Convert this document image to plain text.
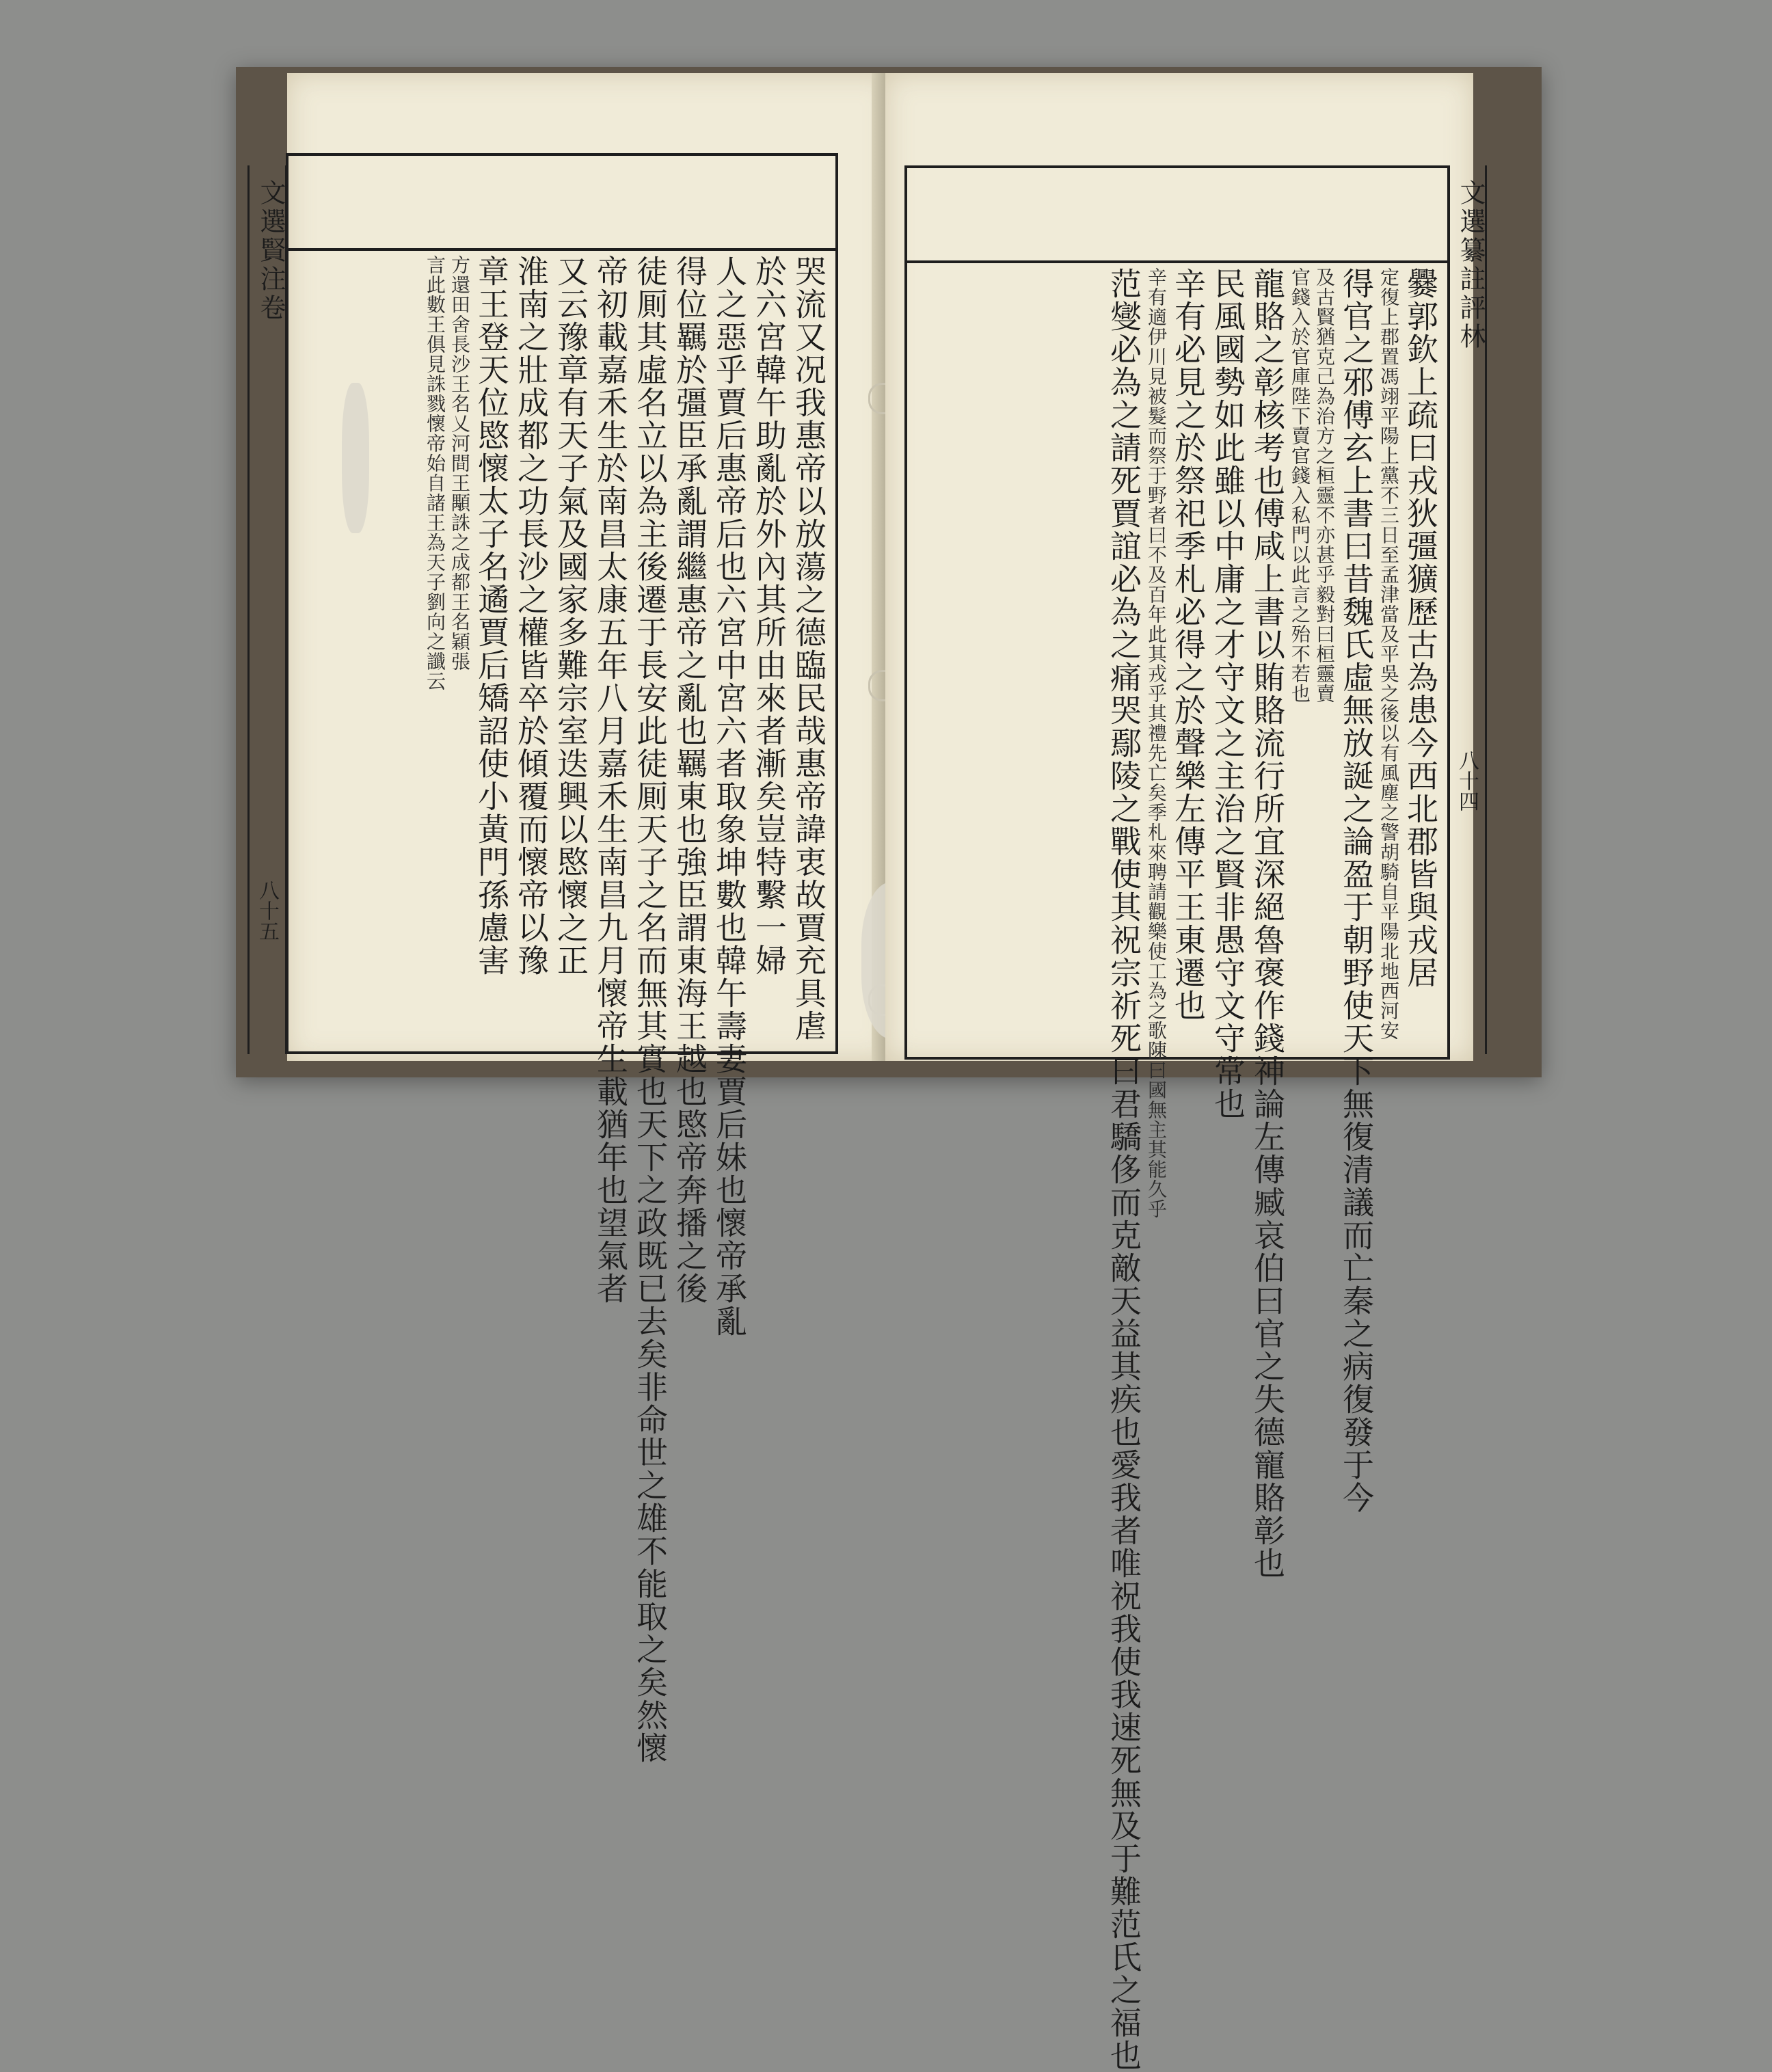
文選賢注卷
八十五	哭流又况我惠帝以放蕩之德臨民哉惠帝諱衷故賈充具虐
於六宮韓午助亂於外內其所由來者漸矣豈特繫一婦
人之惡乎賈后惠帝后也六宮中宮六者取象坤數也韓午壽妻賈后妹也懷帝承亂
得位羈於彊臣承亂謂繼惠帝之亂也羈東也強臣謂東海王越也愍帝奔播之後
徒厠其虛名立以為主後遷于長安此徒厠天子之名而無其實也天下之政既已去矣非命世之雄不能取之矣然懷
帝初載嘉禾生於南昌太康五年八月嘉禾生南昌九月懷帝生載猶年也望氣者
又云豫章有天子氣及國家多難宗室迭興以愍懷之正
淮南之壯成都之功長沙之權皆卒於傾覆而懷帝以豫
章王登天位愍懷太子名遹賈后矯詔使小黃門孫慮害
方還田舍長沙王名乂河間王顒誅之成都王名穎張
言此數王俱見誅戮懷帝始自諸王為天子劉向之讖云	文選纂註評林
八十四
爨郭欽上疏曰戎狄彊獷歷古為患今西北郡皆與戎居
定復上郡置馮翊平陽上黨不三日至孟津當及平吳之後以有風塵之警胡騎自平陽北地西河安
得官之邪傅玄上書曰昔魏氏虛無放誕之論盈于朝野使天下無復清議而亡秦之病復發于今
及古賢猶克己為治方之桓靈不亦甚乎毅對曰桓靈賣
官錢入於官庫陛下賣官錢入私門以此言之殆不若也
龍賂之彰核考也傅咸上書以賄賂流行所宜深絕魯褒作錢神論左傳臧哀伯曰官之失德寵賂彰也
民風國勢如此雖以中庸之才守文之主治之賢非愚守文守常也
辛有必見之於祭祀季札必得之於聲樂左傳平王東遷也
辛有適伊川見被髮而祭于野者曰不及百年此其戎乎其禮先亡矣季札來聘請觀樂使工為之歌陳曰國無主其能久乎
范燮必為之請死賈誼必為之痛哭鄢陵之戰使其祝宗祈死曰君驕侈而克敵天益其疾也愛我者唯祝我使我速死無及于難范氏之福也
